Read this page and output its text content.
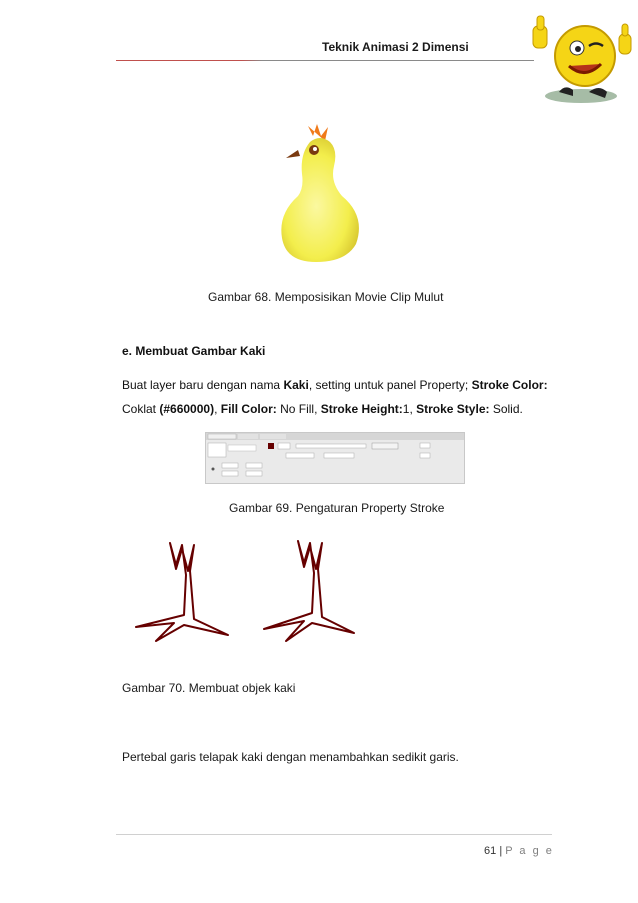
Teknik Animasi 2 Dimensi
Gambar 68. Memposisikan Movie Clip Mulut
e. Membuat Gambar Kaki
Buat layer baru dengan nama Kaki, setting untuk panel Property; Stroke Color: Coklat (#660000), Fill Color: No Fill, Stroke Height:1, Stroke Style: Solid.
Gambar 69. Pengaturan Property Stroke
Gambar 70. Membuat objek kaki
Pertebal garis telapak kaki dengan menambahkan sedikit garis.
61 | P a g e
